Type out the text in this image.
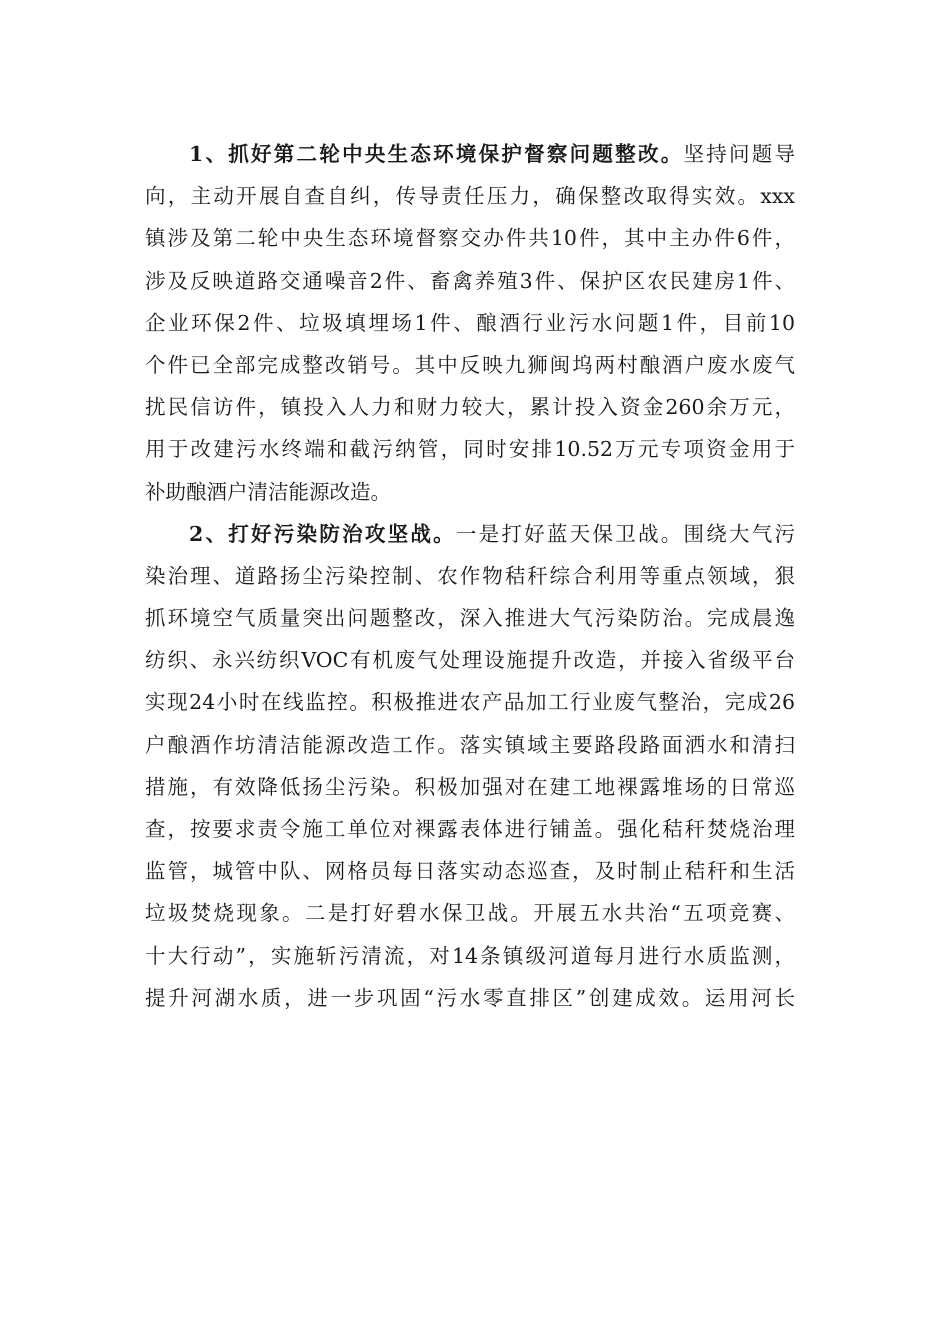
1、抓好第二轮中央生态环境保护督察问题整改。坚持问题导
向，主动开展自查自纠，传导责任压力，确保整改取得实效。xxx
镇涉及第二轮中央生态环境督察交办件共10件，其中主办件6件，
涉及反映道路交通噪音2件、畜禽养殖3件、保护区农民建房1件、
企业环保2件、垃圾填埋场1件、酿酒行业污水问题1件，目前10
个件已全部完成整改销号。其中反映九狮闽坞两村酿酒户废水废气
扰民信访件，镇投入人力和财力较大，累计投入资金260余万元，
用于改建污水终端和截污纳管，同时安排10.52万元专项资金用于
补助酿酒户清洁能源改造。
2、打好污染防治攻坚战。一是打好蓝天保卫战。围绕大气污
染治理、道路扬尘污染控制、农作物秸秆综合利用等重点领域，狠
抓环境空气质量突出问题整改，深入推进大气污染防治。完成晨逸
纺织、永兴纺织VOC有机废气处理设施提升改造，并接入省级平台
实现24小时在线监控。积极推进农产品加工行业废气整治，完成26
户酿酒作坊清洁能源改造工作。落实镇域主要路段路面洒水和清扫
措施，有效降低扬尘污染。积极加强对在建工地裸露堆场的日常巡
查，按要求责令施工单位对裸露表体进行铺盖。强化秸秆焚烧治理
监管，城管中队、网格员每日落实动态巡查，及时制止秸秆和生活
垃圾焚烧现象。二是打好碧水保卫战。开展五水共治“五项竞赛、
十大行动”，实施斩污清流，对14条镇级河道每月进行水质监测，
提升河湖水质，进一步巩固“污水零直排区”创建成效。运用河长
